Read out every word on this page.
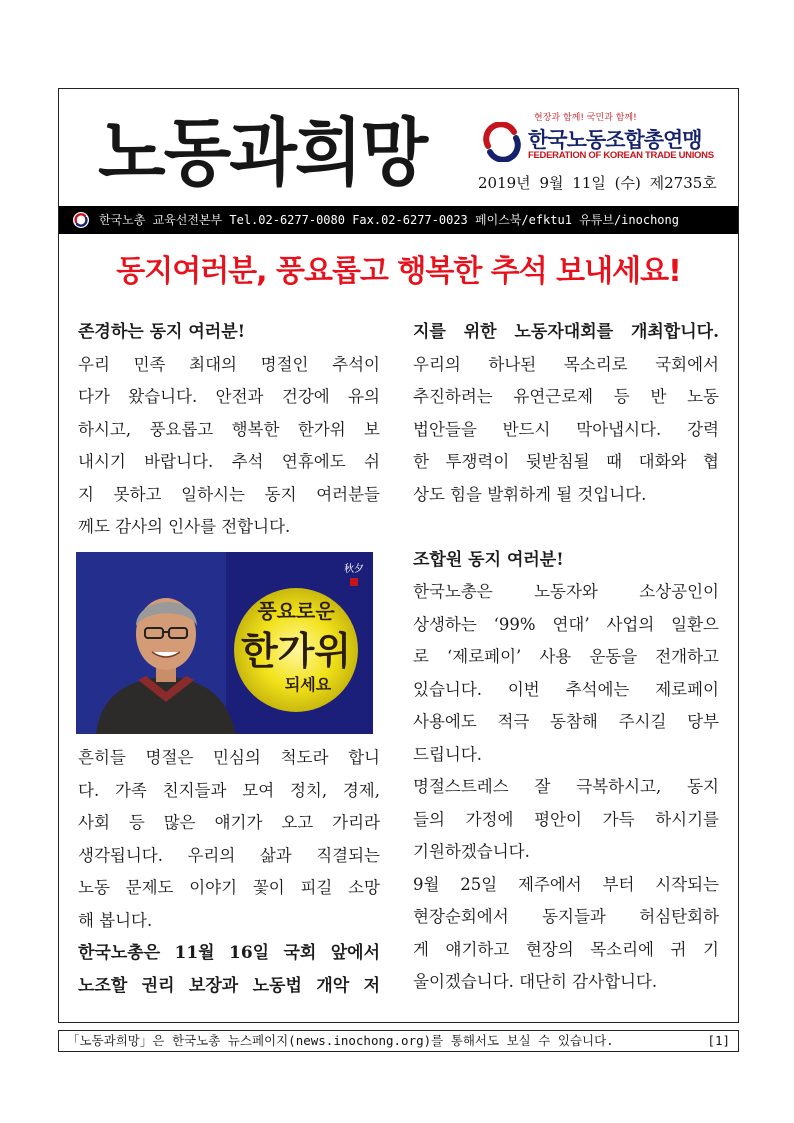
노동과희망	현장과 함께! 국민과 함께!
한국노동조합총연맹
FEDERATION OF KOREAN TRADE UNIONS
2019년 9월 11일 (수) 제2735호
한국노총 교육선전본부 Tel.02-6277-0080 Fax.02-6277-0023 페이스북/efktu1 유튜브/inochong
동지여러분, 풍요롭고 행복한 추석 보내세요!
존경하는 동지 여러분!
우리 민족 최대의 명절인 추석이
다가 왔습니다. 안전과 건강에 유의
하시고, 풍요롭고 행복한 한가위 보
내시기 바랍니다. 추석 연휴에도 쉬
지 못하고 일하시는 동지 여러분들
께도 감사의 인사를 전합니다.
풍요로운
한가위
되세요
秋夕
흔히들 명절은 민심의 척도라 합니
다. 가족 친지들과 모여 정치, 경제,
사회 등 많은 얘기가 오고 가리라
생각됩니다. 우리의 삶과 직결되는
노동 문제도 이야기 꽃이 피길 소망
해 봅니다.
한국노총은 11월 16일 국회 앞에서
노조할 권리 보장과 노동법 개악 저
지를 위한 노동자대회를 개최합니다.
우리의 하나된 목소리로 국회에서
추진하려는 유연근로제 등 반 노동
법안들을 반드시 막아냅시다. 강력
한 투쟁력이 뒷받침될 때 대화와 협
상도 힘을 발휘하게 될 것입니다.
조합원 동지 여러분!
한국노총은 노동자와 소상공인이
상생하는 ‘99% 연대’ 사업의 일환으
로 ‘제로페이’ 사용 운동을 전개하고
있습니다. 이번 추석에는 제로페이
사용에도 적극 동참해 주시길 당부
드립니다.
명절스트레스 잘 극복하시고, 동지
들의 가정에 평안이 가득 하시기를
기원하겠습니다.
9월 25일 제주에서 부터 시작되는
현장순회에서 동지들과 허심탄회하
게 얘기하고 현장의 목소리에 귀 기
울이겠습니다. 대단히 감사합니다.
「노동과희망」은 한국노총 뉴스페이지(news.inochong.org)를 통해서도 보실 수 있습니다.	[1]
